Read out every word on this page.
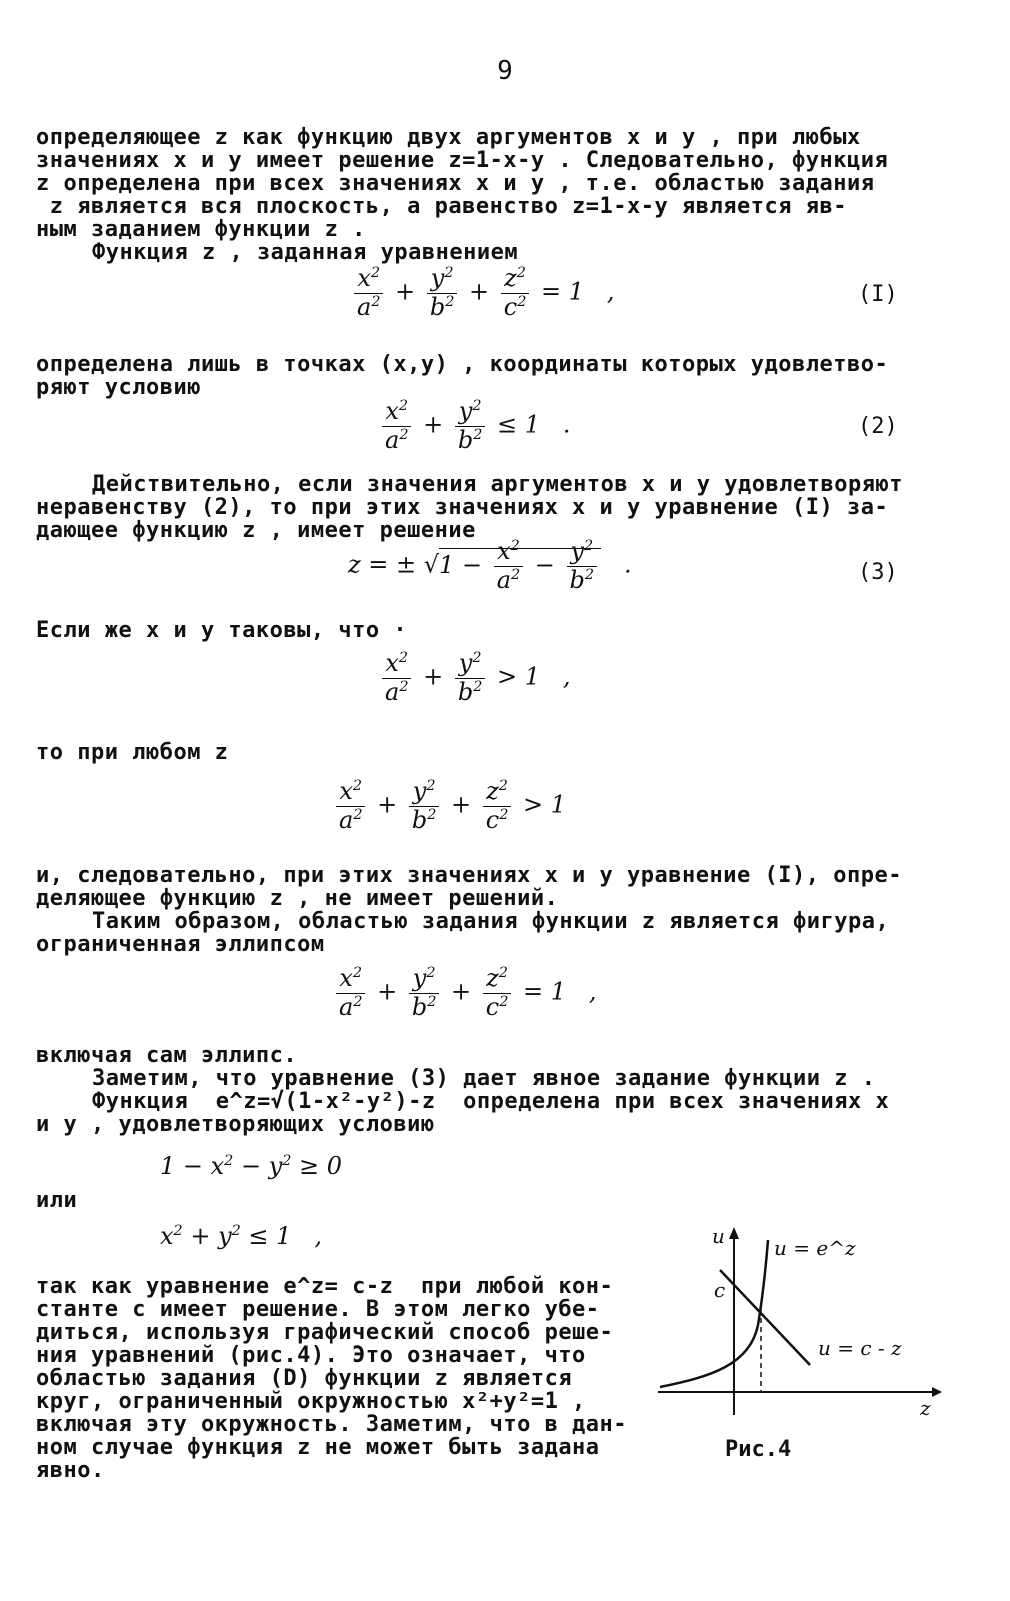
9
определяющее z как функцию двух аргументов x и y , при любых
значениях x и y имеет решение z=1-x-y . Следовательно, функция
z определена при всех значениях x и y , т.е. областью задания
z является вся плоскость, а равенство z=1-x-y является яв-
ным заданием функции z .
Функция z , заданная уравнением
$\frac{x^2}{a^2} + \frac{y^2}{b^2} + \frac{z^2}{c^2} = 1$   ,	(I)
определена лишь в точках (x,y) , координаты которых удовлетво-
ряют условию
$\frac{x^2}{a^2} + \frac{y^2}{b^2} \le 1$   .	(2)
Действительно, если значения аргументов x и y удовлетворяют
неравенству (2), то при этих значениях x и y уравнение (I) за-
дающее функцию z , имеет решение
z = ± $√1 - \frac{x^2}{a^2} - \frac{y^2}{b^2}$ .	(3)
Если же x и y таковы, что ·
$\frac{x^2}{a^2} + \frac{y^2}{b^2} > 1$   ,
то при любом z
$\frac{x^2}{a^2} + \frac{y^2}{b^2} + \frac{z^2}{c^2} > 1$
и, следовательно, при этих значениях x и y уравнение (I), опре-
деляющее функцию z , не имеет решений.
Таким образом, областью задания функции z является фигура,
ограниченная эллипсом
$\frac{x^2}{a^2} + \frac{y^2}{b^2} + \frac{z^2}{c^2} = 1$   ,
включая сам эллипс.
Заметим, что уравнение (3) дает явное задание функции z .
Функция  e^z=√(1-x²-y²)-z  определена при всех значениях x
и y , удовлетворяющих условию
$1 - x^2 - y^2 \ge 0$
или
$x^2 + y^2 \le 1$   ,
так как уравнение e^z= c-z  при любой кон-
станте c имеет решение. В этом легко убе-
диться, используя графический способ реше-
ния уравнений (рис.4). Это означает, что
областью задания (D) функции z является
круг, ограниченный окружностью x²+y²=1 ,
включая эту окружность. Заметим, что в дан-
ном случае функция z не может быть задана
явно.
u
z
u = e^z
u = c - z
c
Рис.4
